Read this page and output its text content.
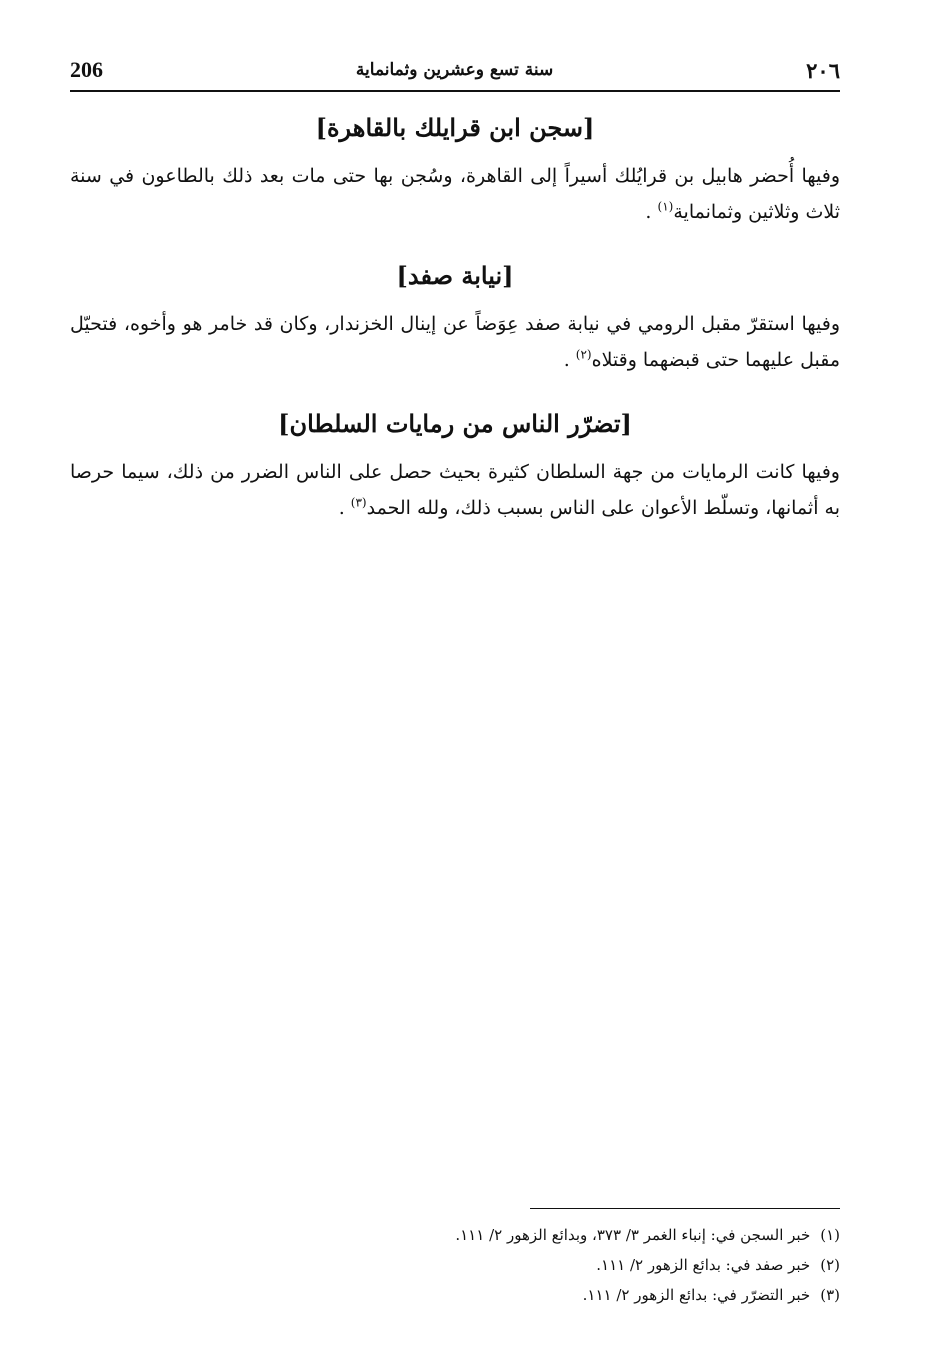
206	سنة تسع وعشرين وثمانماية	٢٠٦
[سجن ابن قرايلك بالقاهرة]

وفيها أُحضر هابيل بن قرايُلك أسيراً إلى القاهرة، وسُجن بها حتى مات بعد ذلك بالطاعون في سنة ثلاث وثلاثين وثمانماية$^{(١)}$ .

[نيابة صفد]

وفيها استقرّ مقبل الرومي في نيابة صفد عِوَضاً عن إينال الخزندار، وكان قد خامر هو وأخوه، فتحيّل مقبل عليهما حتى قبضهما وقتلاه$^{(٢)}$ .

[تضرّر الناس من رمايات السلطان]

وفيها كانت الرمايات من جهة السلطان كثيرة بحيث حصل على الناس الضرر من ذلك، سيما حرصا به أثمانها، وتسلّط الأعوان على الناس بسبب ذلك، ولله الحمد$^{(٣)}$ .

(١)خبر السجن في: إنباء الغمر ٣/ ٣٧٣، وبدائع الزهور ٢/ ١١١.

(٢)خبر صفد في: بدائع الزهور ٢/ ١١١.

(٣)خبر التضرّر في: بدائع الزهور ٢/ ١١١.
